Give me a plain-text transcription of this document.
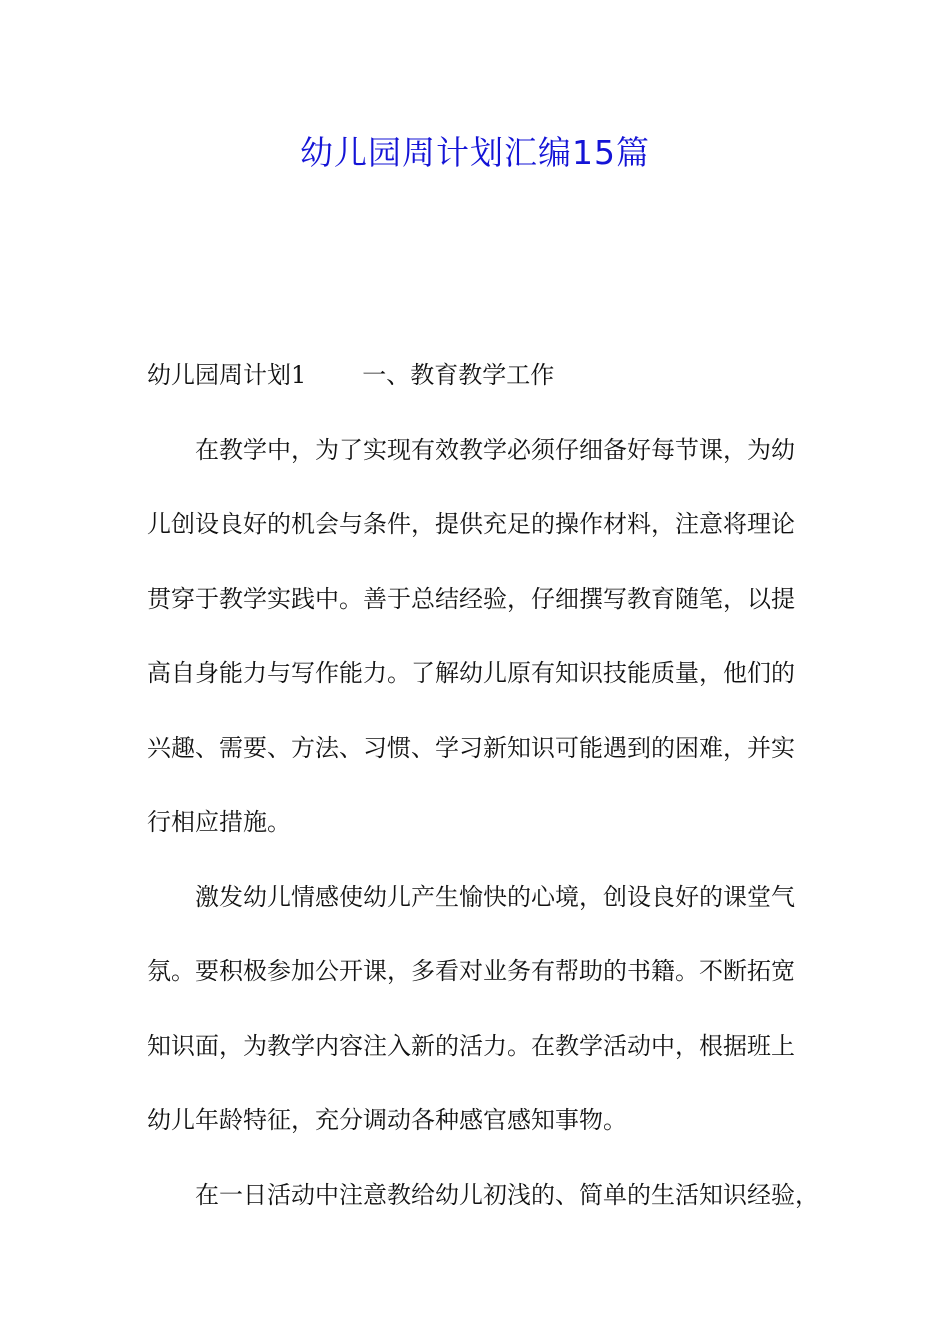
幼儿园周计划汇编15篇
幼儿园周计划1 一、教育教学工作
在教学中，为了实现有效教学必须仔细备好每节课，为幼
儿创设良好的机会与条件，提供充足的操作材料，注意将理论
贯穿于教学实践中。善于总结经验，仔细撰写教育随笔，以提
高自身能力与写作能力。了解幼儿原有知识技能质量，他们的
兴趣、需要、方法、习惯、学习新知识可能遇到的困难，并实
行相应措施。
激发幼儿情感使幼儿产生愉快的心境，创设良好的课堂气
氛。要积极参加公开课，多看对业务有帮助的书籍。不断拓宽
知识面，为教学内容注入新的活力。在教学活动中，根据班上
幼儿年龄特征，充分调动各种感官感知事物。
在一日活动中注意教给幼儿初浅的、简单的生活知识经验，
